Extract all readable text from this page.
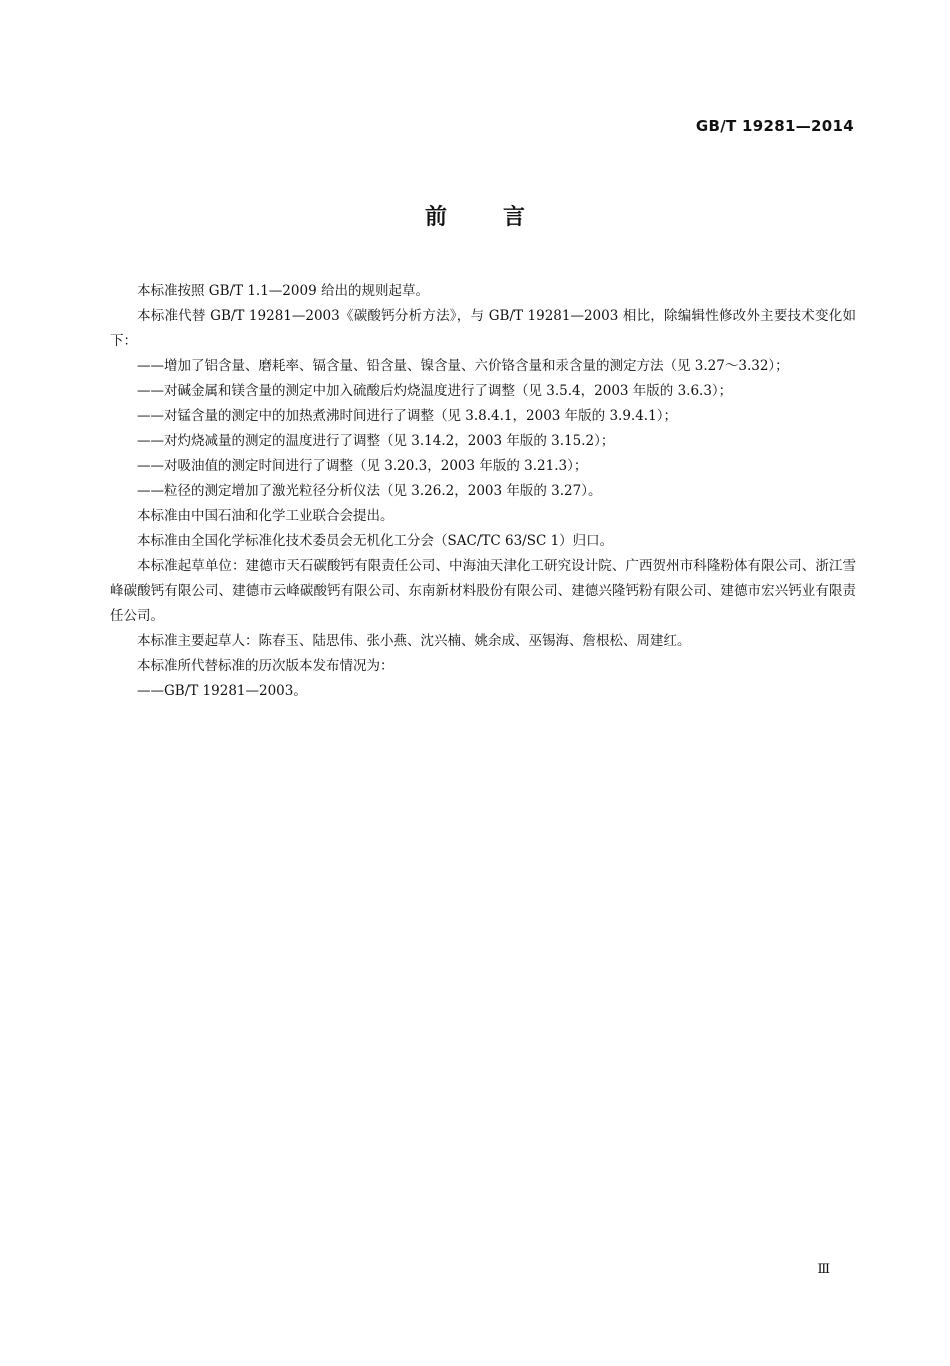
GB/T 19281—2014
前言

本标准按照 GB/T 1.1—2009 给出的规则起草。

本标准代替 GB/T 19281—2003《碳酸钙分析方法》，与 GB/T 19281—2003 相比，除编辑性修改外主要技术变化如下：

——增加了铝含量、磨耗率、镉含量、铅含量、镍含量、六价铬含量和汞含量的测定方法（见 3.27～3.32）；

——对碱金属和镁含量的测定中加入硫酸后灼烧温度进行了调整（见 3.5.4，2003 年版的 3.6.3）；

——对锰含量的测定中的加热煮沸时间进行了调整（见 3.8.4.1，2003 年版的 3.9.4.1）；

——对灼烧减量的测定的温度进行了调整（见 3.14.2，2003 年版的 3.15.2）；

——对吸油值的测定时间进行了调整（见 3.20.3，2003 年版的 3.21.3）；

——粒径的测定增加了激光粒径分析仪法（见 3.26.2，2003 年版的 3.27）。

本标准由中国石油和化学工业联合会提出。

本标准由全国化学标准化技术委员会无机化工分会（SAC/TC 63/SC 1）归口。

本标准起草单位：建德市天石碳酸钙有限责任公司、中海油天津化工研究设计院、广西贺州市科隆粉体有限公司、浙江雪峰碳酸钙有限公司、建德市云峰碳酸钙有限公司、东南新材料股份有限公司、建德兴隆钙粉有限公司、建德市宏兴钙业有限责任公司。

本标准主要起草人：陈春玉、陆思伟、张小燕、沈兴楠、姚余成、巫锡海、詹根松、周建红。

本标准所代替标准的历次版本发布情况为：

——GB/T 19281—2003。

Ⅲ
